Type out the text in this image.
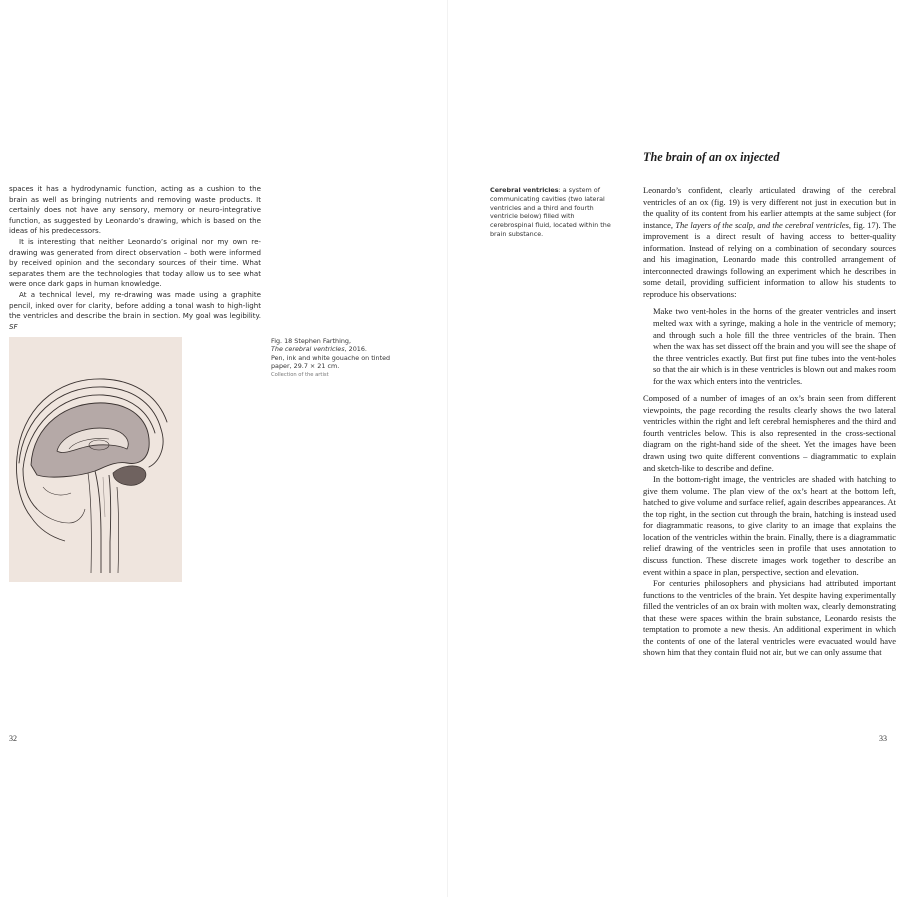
spaces it has a hydrodynamic function, acting as a cushion to the brain as well as bringing nutrients and removing waste products. It certainly does not have any sensory, memory or neuro-integrative function, as suggested by Leonardo’s drawing, which is based on the ideas of his predecessors.

It is interesting that neither Leonardo’s original nor my own re-drawing was generated from direct observation – both were informed by received opinion and the secondary sources of their time. What separates them are the technologies that today allow us to see what were once dark gaps in human knowledge.

At a technical level, my re-drawing was made using a graphite pencil, inked over for clarity, before adding a tonal wash to high-light the ventricles and describe the brain in section. My goal was legibility. SF

Fig. 18 Stephen Farthing,
The cerebral ventricles, 2016.
Pen, ink and white gouache on tinted paper, 29.7 × 21 cm.
Collection of the artist
32
Cerebral ventricles: a system of communicating cavities (two lateral ventricles and a third and fourth ventricle below) filled with cerebrospinal fluid, located within the brain substance.
The brain of an ox injected

Leonardo’s confident, clearly articulated drawing of the cerebral ventricles of an ox (fig. 19) is very different not just in execution but in the quality of its content from his earlier attempts at the same subject (for instance, The layers of the scalp, and the cerebral ventricles, fig. 17). The improvement is a direct result of having access to better-quality information. Instead of relying on a combination of secondary sources and his imagination, Leonardo made this controlled arrangement of interconnected drawings following an experiment which he describes in some detail, providing sufficient information to allow his students to reproduce his observations:

Make two vent-holes in the horns of the greater ventricles and insert melted wax with a syringe, making a hole in the ventricle of memory; and through such a hole fill the three ventricles of the brain. Then when the wax has set dissect off the brain and you will see the shape of the three ventricles exactly. But first put fine tubes into the vent-holes so that the air which is in these ventricles is blown out and makes room for the wax which enters into the ventricles.

Composed of a number of images of an ox’s brain seen from different viewpoints, the page recording the results clearly shows the two lateral ventricles within the right and left cerebral hemispheres and the third and fourth ventricles below. This is also represented in the cross-sectional diagram on the right-hand side of the sheet. Yet the images have been drawn using two quite different conventions – diagrammatic to explain and sketch-like to describe and define.

In the bottom-right image, the ventricles are shaded with hatching to give them volume. The plan view of the ox’s heart at the bottom left, hatched to give volume and surface relief, again describes appearances. At the top right, in the section cut through the brain, hatching is instead used for diagrammatic reasons, to give clarity to an image that explains the location of the ventricles within the brain. Finally, there is a diagrammatic relief drawing of the ventricles seen in profile that uses annotation to discuss function. These discrete images work together to describe an event within a space in plan, perspective, section and elevation.

For centuries philosophers and physicians had attributed important functions to the ventricles of the brain. Yet despite having experimentally filled the ventricles of an ox brain with molten wax, clearly demonstrating that these were spaces within the brain substance, Leonardo resists the temptation to promote a new thesis. An additional experiment in which the contents of one of the lateral ventricles were evacuated would have shown him that they contain fluid not air, but we can only assume that

33
